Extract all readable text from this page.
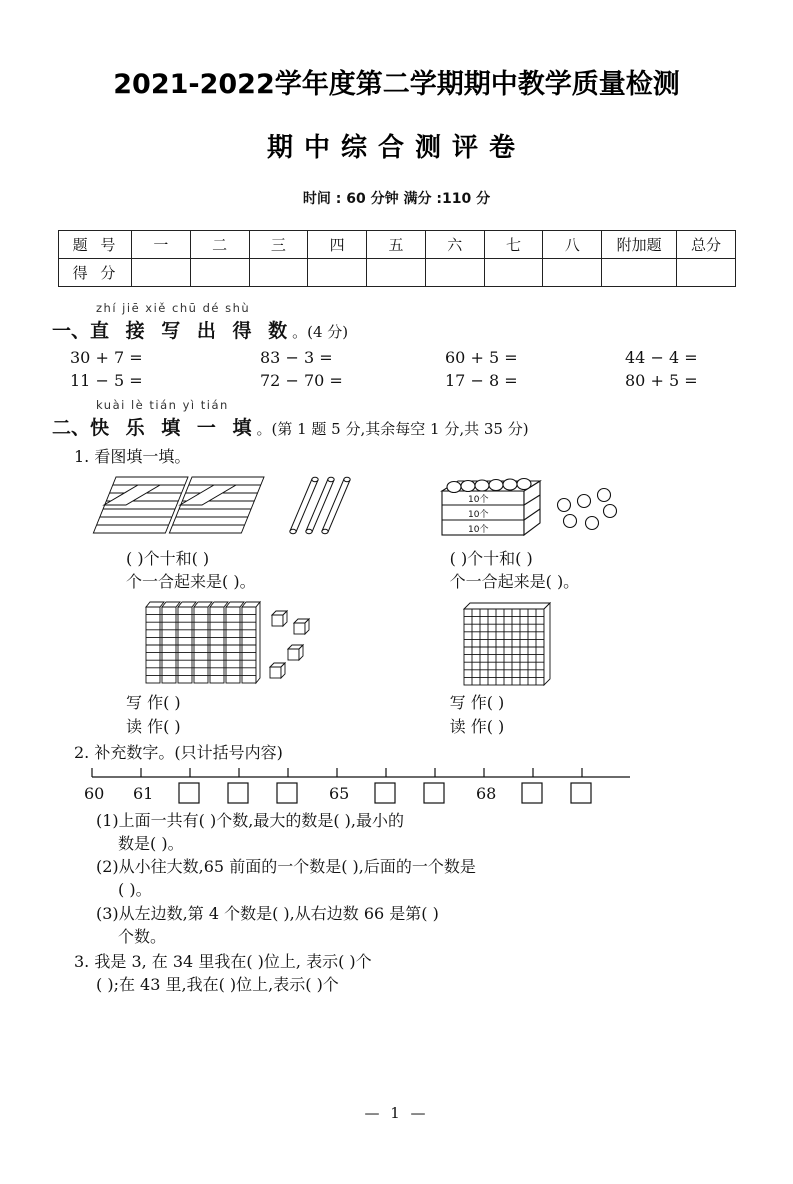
2021-2022学年度第二学期期中教学质量检测
期中综合测评卷
时间 : 60 分钟 满分 :110 分
题 号	一	二	三	四	五	六	七	八	附加题	总分
得 分										
zhí jiē xiě chū dé shù
一、直 接 写 出 得 数。(4 分)
30 + 7 =	83 − 3 =	60 + 5 =	44 − 4 =
11 − 5 =	72 − 70 =	17 − 8 =	80 + 5 =
kuài lè tián yì tián
二、快 乐 填 一 填。(第 1 题 5 分,其余每空 1 分,共 35 分)
1. 看图填一填。
10个
10个
10个
( )个十和( )
个一合起来是( )。
( )个十和( )
个一合起来是( )。
写 作( )
读 作( )
写 作( )
读 作( )
2. 补充数字。(只计括号内容)
60 61	65	68
(1)上面一共有( )个数,最大的数是( ),最小的
数是( )。
(2)从小往大数,65 前面的一个数是( ),后面的一个数是
( )。
(3)从左边数,第 4 个数是( ),从右边数 66 是第( )
个数。
3. 我是 3, 在 34 里我在( )位上, 表示( )个
( );在 43 里,我在( )位上,表示( )个
— 1 —
